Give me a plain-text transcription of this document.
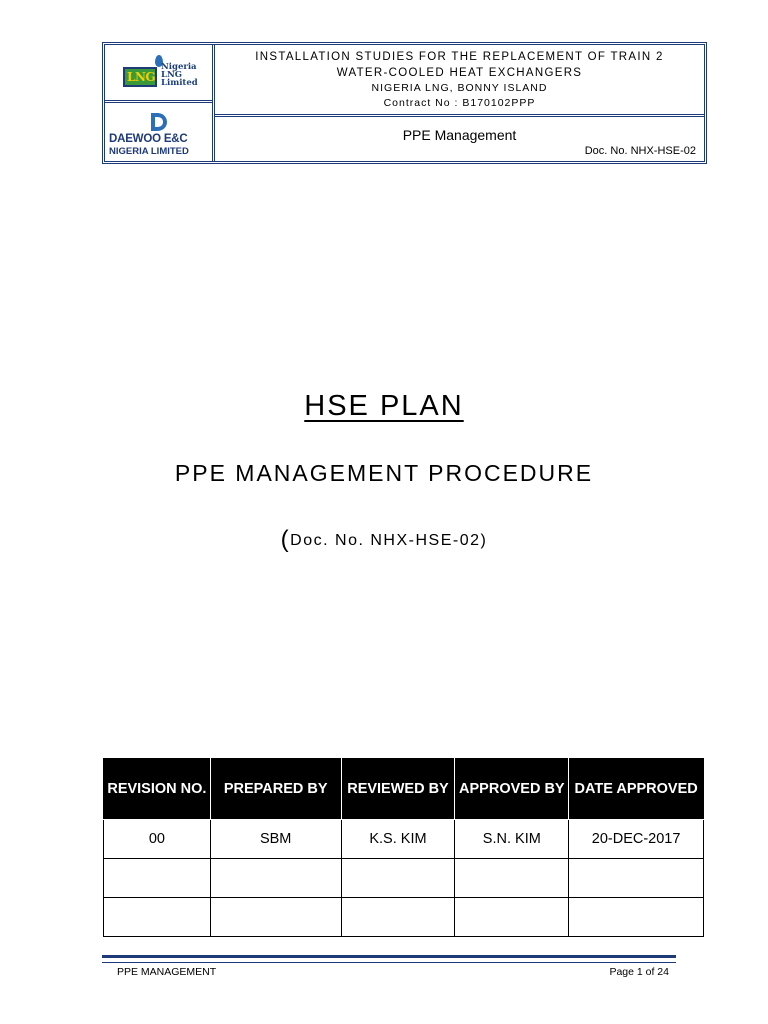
LNG
Nigeria
LNG
Limited
DAEWOO E&C
NIGERIA LIMITED
INSTALLATION STUDIES FOR THE REPLACEMENT OF TRAIN 2
WATER-COOLED HEAT EXCHANGERS
NIGERIA LNG, BONNY ISLAND
Contract No : B170102PPP
PPE Management
Doc. No. NHX-HSE-02
HSE PLAN
PPE MANAGEMENT PROCEDURE
(Doc. No. NHX-HSE-02)
REVISION NO.	PREPARED BY	REVIEWED BY	APPROVED BY	DATE APPROVED
00	SBM	K.S. KIM	S.N. KIM	20-DEC-2017

PPE MANAGEMENT	Page 1 of 24
